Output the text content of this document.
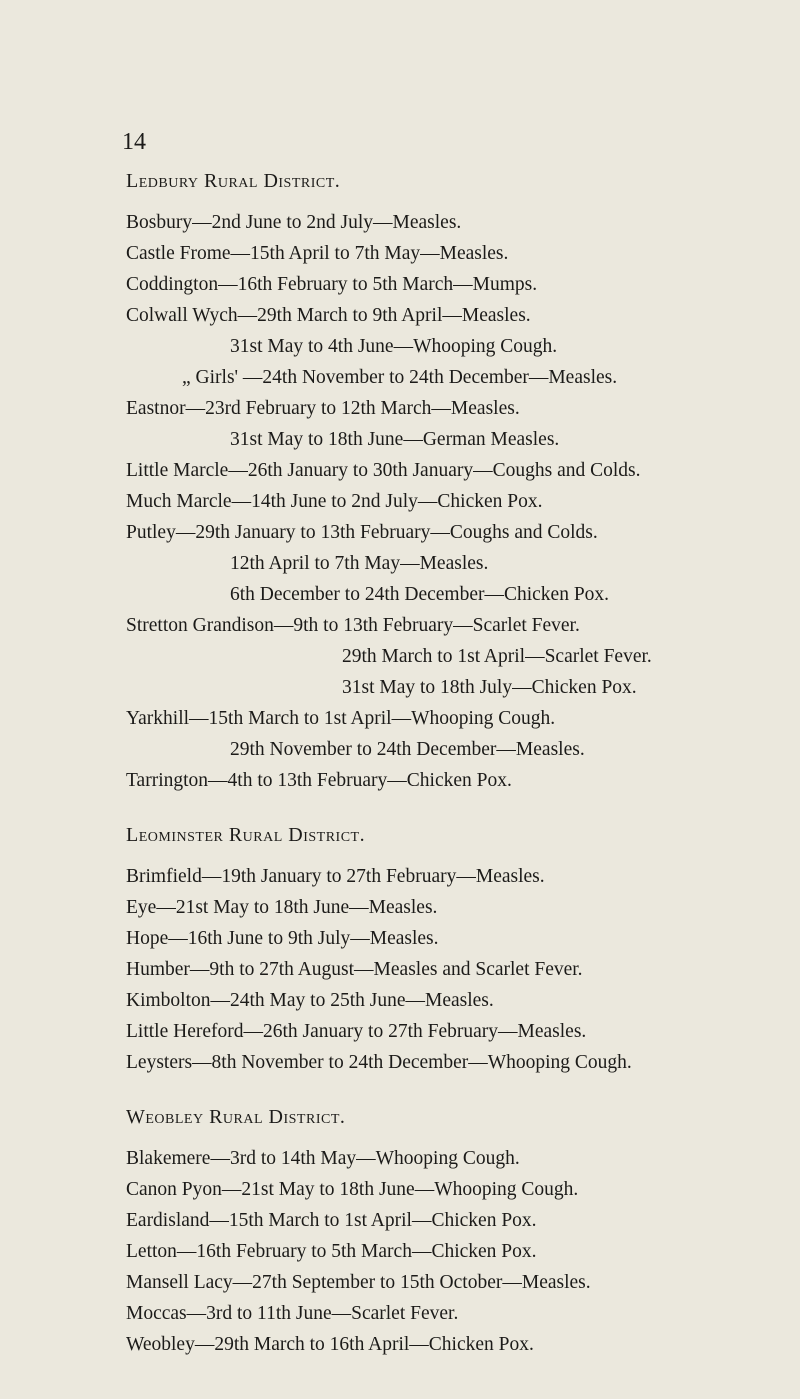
14
Ledbury Rural District.
Bosbury—2nd June to 2nd July—Measles.
Castle Frome—15th April to 7th May—Measles.
Coddington—16th February to 5th March—Mumps.
Colwall Wych—29th March to 9th April—Measles.
31st May to 4th June—Whooping Cough.
„ Girls' —24th November to 24th December—Measles.
Eastnor—23rd February to 12th March—Measles.
31st May to 18th June—German Measles.
Little Marcle—26th January to 30th January—Coughs and Colds.
Much Marcle—14th June to 2nd July—Chicken Pox.
Putley—29th January to 13th February—Coughs and Colds.
12th April to 7th May—Measles.
6th December to 24th December—Chicken Pox.
Stretton Grandison—9th to 13th February—Scarlet Fever.
29th March to 1st April—Scarlet Fever.
31st May to 18th July—Chicken Pox.
Yarkhill—15th March to 1st April—Whooping Cough.
29th November to 24th December—Measles.
Tarrington—4th to 13th February—Chicken Pox.
Leominster Rural District.
Brimfield—19th January to 27th February—Measles.
Eye—21st May to 18th June—Measles.
Hope—16th June to 9th July—Measles.
Humber—9th to 27th August—Measles and Scarlet Fever.
Kimbolton—24th May to 25th June—Measles.
Little Hereford—26th January to 27th February—Measles.
Leysters—8th November to 24th December—Whooping Cough.
Weobley Rural District.
Blakemere—3rd to 14th May—Whooping Cough.
Canon Pyon—21st May to 18th June—Whooping Cough.
Eardisland—15th March to 1st April—Chicken Pox.
Letton—16th February to 5th March—Chicken Pox.
Mansell Lacy—27th September to 15th October—Measles.
Moccas—3rd to 11th June—Scarlet Fever.
Weobley—29th March to 16th April—Chicken Pox.
